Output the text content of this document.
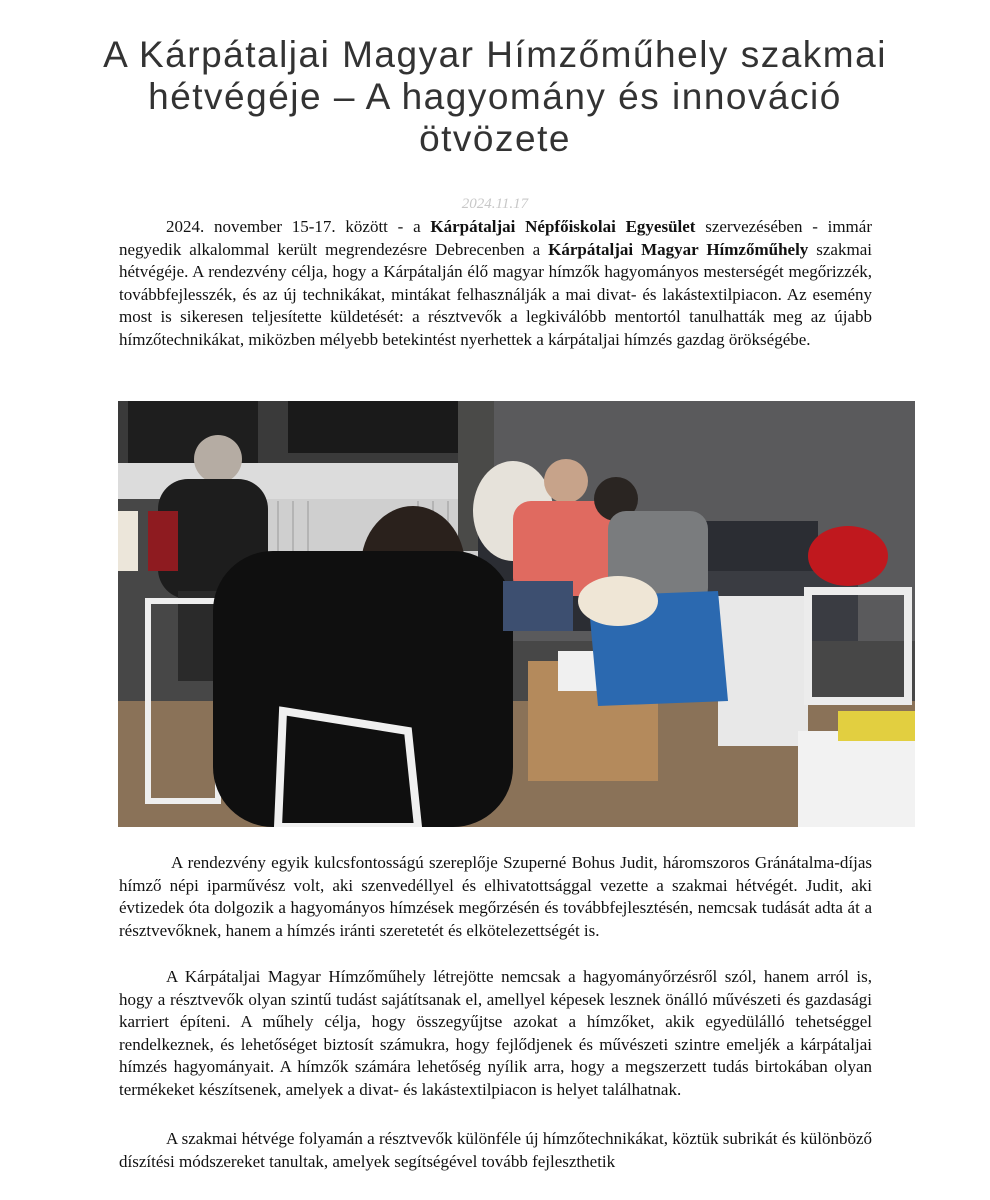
A Kárpátaljai Magyar Hímzőműhely szakmai hétvégéje – A hagyomány és innováció ötvözete
2024.11.17

2024. november 15-17. között - a Kárpátaljai Népfőiskolai Egyesület szervezésében - immár negyedik alkalommal került megrendezésre Debrecenben a Kárpátaljai Magyar Hímzőműhely szakmai hétvégéje. A rendezvény célja, hogy a Kárpátalján élő magyar hímzők hagyományos mesterségét megőrizzék, továbbfejlesszék, és az új technikákat, mintákat felhasználják a mai divat- és lakástextilpiacon. Az esemény most is sikeresen teljesítette küldetését: a résztvevők a legkiválóbb mentortól tanulhatták meg az újabb hímzőtechnikákat, miközben mélyebb betekintést nyerhettek a kárpátaljai hímzés gazdag örökségébe.

A rendezvény egyik kulcsfontosságú szereplője Szuperné Bohus Judit, háromszoros Gránátalma-díjas hímző népi iparművész volt, aki szenvedéllyel és elhivatottsággal vezette a szakmai hétvégét. Judit, aki évtizedek óta dolgozik a hagyományos hímzések megőrzésén és továbbfejlesztésén, nemcsak tudását adta át a résztvevőknek, hanem a hímzés iránti szeretetét és elkötelezettségét is.

A Kárpátaljai Magyar Hímzőműhely létrejötte nemcsak a hagyományőrzésről szól, hanem arról is, hogy a résztvevők olyan szintű tudást sajátítsanak el, amellyel képesek lesznek önálló művészeti és gazdasági karriert építeni. A műhely célja, hogy összegyűjtse azokat a hímzőket, akik egyedülálló tehetséggel rendelkeznek, és lehetőséget biztosít számukra, hogy fejlődjenek és művészeti szintre emeljék a kárpátaljai hímzés hagyományait. A hímzők számára lehetőség nyílik arra, hogy a megszerzett tudás birtokában olyan termékeket készítsenek, amelyek a divat- és lakástextilpiacon is helyet találhatnak.

A szakmai hétvége folyamán a résztvevők különféle új hímzőtechnikákat, köztük subrikát és különböző díszítési módszereket tanultak, amelyek segítségével tovább fejleszthetik
